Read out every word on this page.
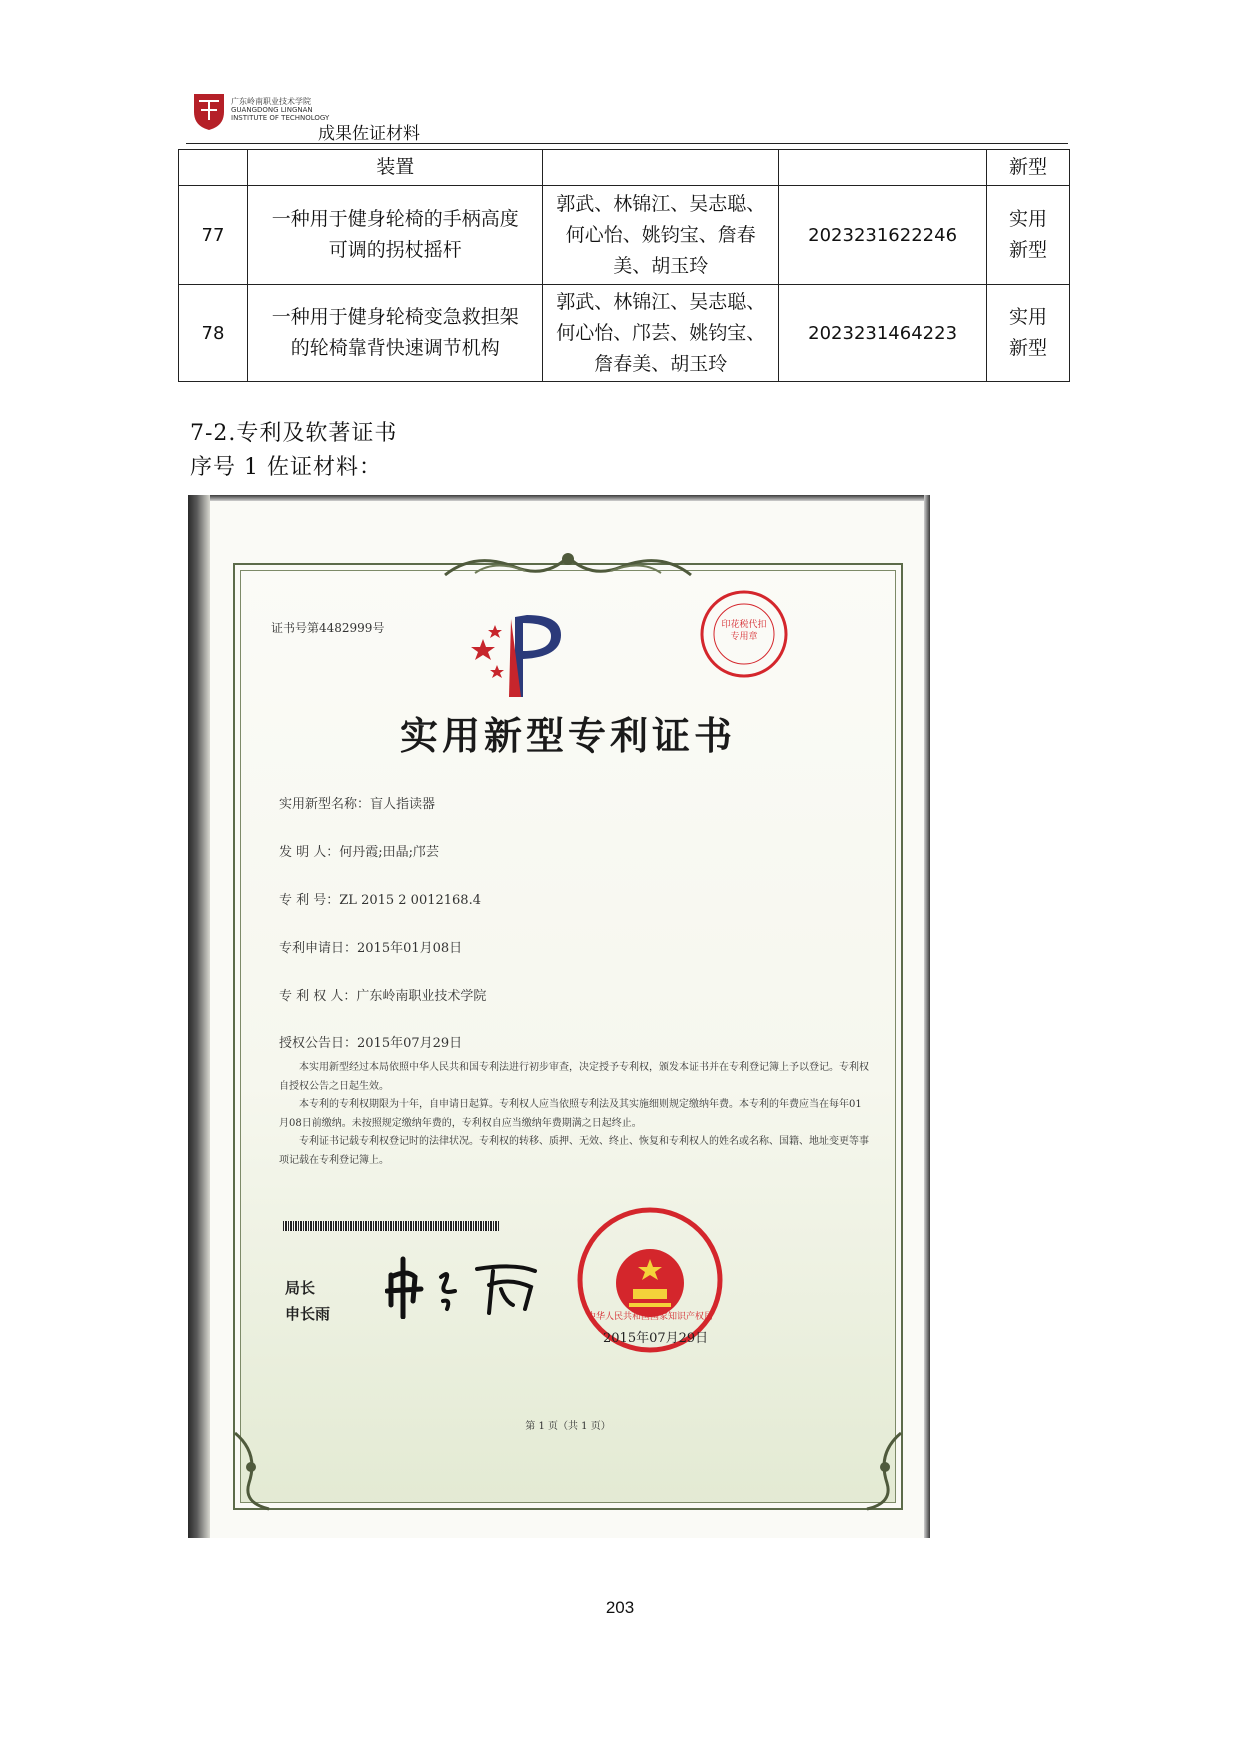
广东岭南职业技术学院
GUANGDONG LINGNAN
INSTITUTE OF TECHNOLOGY
成果佐证材料
	装置			新型
77	一种用于健身轮椅的手柄高度可调的拐杖摇杆	郭武、林锦江、吴志聪、何心怡、姚钧宝、詹春美、胡玉玲	2023231622246	实用新型
78	一种用于健身轮椅变急救担架的轮椅靠背快速调节机构	郭武、林锦江、吴志聪、何心怡、邝芸、姚钧宝、詹春美、胡玉玲	2023231464223	实用新型
7-2.专利及软著证书
序号 1 佐证材料：
证书号第4482999号	印花税代扣专用章
实用新型专利证书
实用新型名称：盲人指读器
发 明 人：何丹霞;田晶;邝芸
专 利 号：ZL 2015 2 0012168.4
专利申请日：2015年01月08日
专 利 权 人：广东岭南职业技术学院
授权公告日：2015年07月29日

本实用新型经过本局依照中华人民共和国专利法进行初步审查，决定授予专利权，颁发本证书并在专利登记簿上予以登记。专利权自授权公告之日起生效。

本专利的专利权期限为十年，自申请日起算。专利权人应当依照专利法及其实施细则规定缴纳年费。本专利的年费应当在每年01月08日前缴纳。未按照规定缴纳年费的，专利权自应当缴纳年费期满之日起终止。

专利证书记载专利权登记时的法律状况。专利权的转移、质押、无效、终止、恢复和专利权人的姓名或名称、国籍、地址变更等事项记载在专利登记簿上。

局长
申长雨	中华人民共和国国家知识产权局
2015年07月29日
第 1 页（共 1 页）
203
